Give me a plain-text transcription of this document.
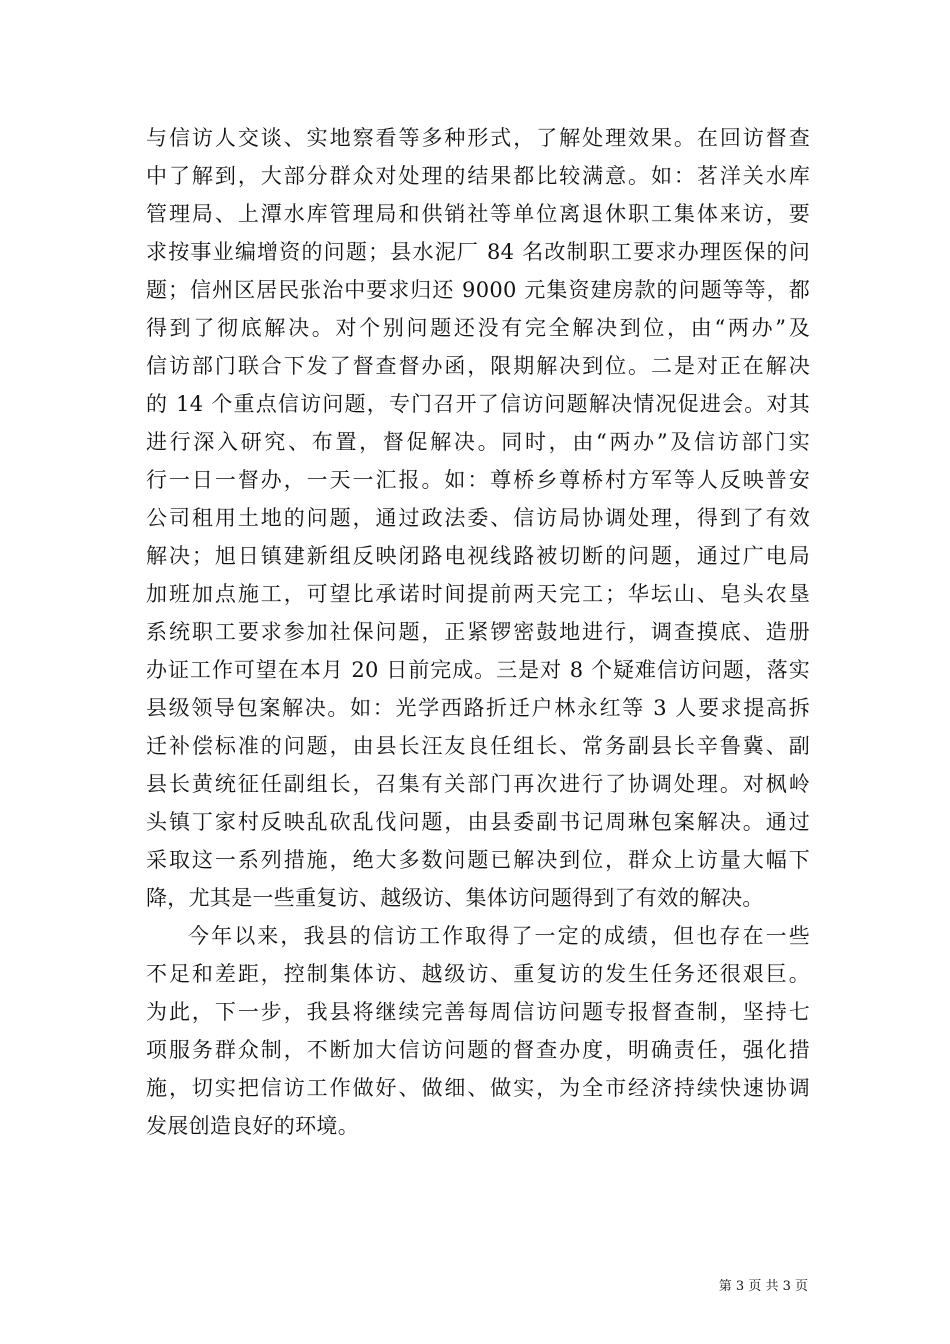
与信访人交谈、实地察看等多种形式，了解处理效果。在回访督查
中了解到，大部分群众对处理的结果都比较满意。如：茗洋关水库
管理局、上潭水库管理局和供销社等单位离退休职工集体来访，要
求按事业编增资的问题；县水泥厂 84 名改制职工要求办理医保的问
题；信州区居民张治中要求归还 9000 元集资建房款的问题等等，都
得到了彻底解决。对个别问题还没有完全解决到位，由“两办”及
信访部门联合下发了督查督办函，限期解决到位。二是对正在解决
的 14 个重点信访问题，专门召开了信访问题解决情况促进会。对其
进行深入研究、布置，督促解决。同时，由“两办”及信访部门实
行一日一督办，一天一汇报。如：尊桥乡尊桥村方军等人反映普安
公司租用土地的问题，通过政法委、信访局协调处理，得到了有效
解决；旭日镇建新组反映闭路电视线路被切断的问题，通过广电局
加班加点施工，可望比承诺时间提前两天完工；华坛山、皂头农垦
系统职工要求参加社保问题，正紧锣密鼓地进行，调查摸底、造册
办证工作可望在本月 20 日前完成。三是对 8 个疑难信访问题，落实
县级领导包案解决。如：光学西路折迁户林永红等 3 人要求提高拆
迁补偿标准的问题，由县长汪友良任组长、常务副县长辛鲁冀、副
县长黄统征任副组长，召集有关部门再次进行了协调处理。对枫岭
头镇丁家村反映乱砍乱伐问题，由县委副书记周琳包案解决。通过
采取这一系列措施，绝大多数问题已解决到位，群众上访量大幅下
降，尤其是一些重复访、越级访、集体访问题得到了有效的解决。
今年以来，我县的信访工作取得了一定的成绩，但也存在一些
不足和差距，控制集体访、越级访、重复访的发生任务还很艰巨。
为此，下一步，我县将继续完善每周信访问题专报督查制，坚持七
项服务群众制，不断加大信访问题的督查办度，明确责任，强化措
施，切实把信访工作做好、做细、做实，为全市经济持续快速协调
发展创造良好的环境。
第 3 页 共 3 页
